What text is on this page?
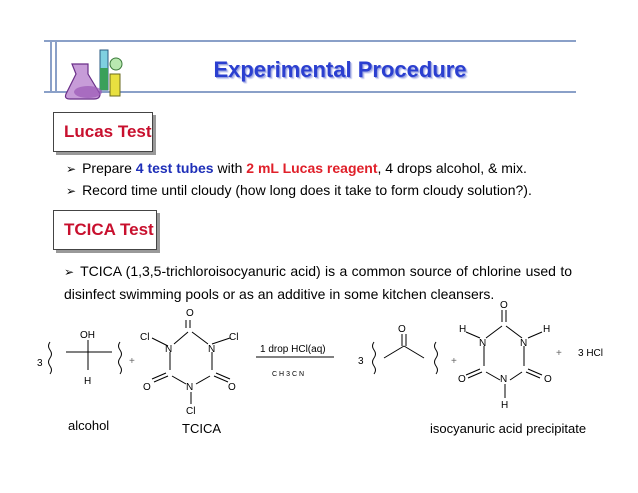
Experimental Procedure
Lucas Test
➢ Prepare 4 test tubes with 2 mL Lucas reagent, 4 drops alcohol, & mix.
➢ Record time until cloudy (how long does it take to form cloudy solution?).
TCICA Test
➢ TCICA (1,3,5-trichloroisocyanuric acid) is a common source of chlorine used to disinfect swimming pools or as an additive in some kitchen cleansers.
3
OH
H
+
Cl
O
Cl
N	N
N
O	O
Cl
1 drop HCl(aq)
CH3CN
3
O
+
O
H	H
N	N
N
O	O
H
+ 3 HCl
alcohol	TCICA	isocyanuric acid precipitate
